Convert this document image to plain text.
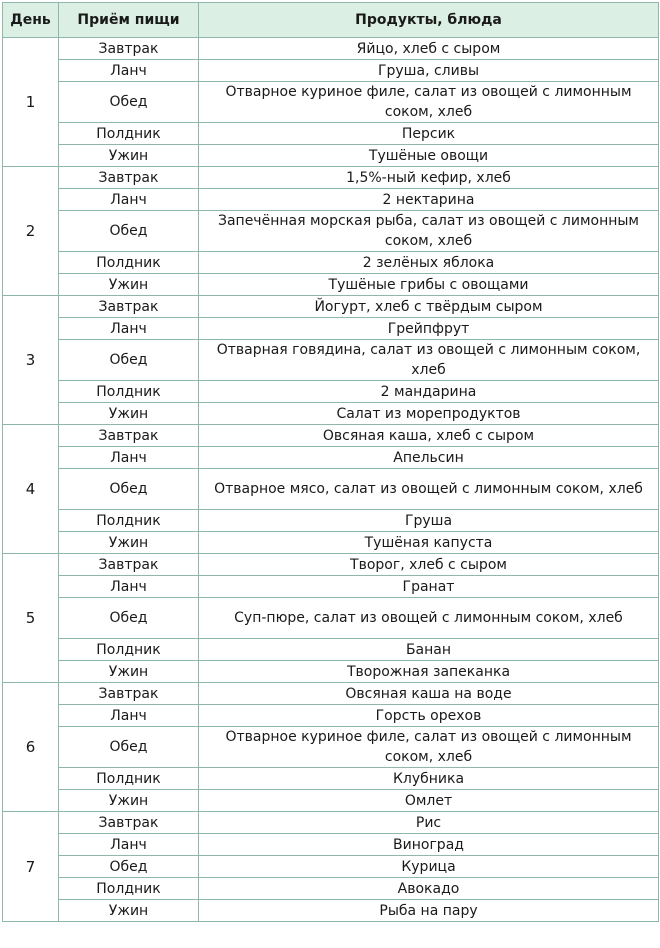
День	Приём пищи	Продукты, блюда
1	Завтрак	Яйцо, хлеб с сыром
	Ланч	Груша, сливы
	Обед	Отварное куриное филе, салат из овощей с лимонным соком, хлеб
	Полдник	Персик
	Ужин	Тушёные овощи
2	Завтрак	1,5%-ный кефир, хлеб
	Ланч	2 нектарина
	Обед	Запечённая морская рыба, салат из овощей с лимонным соком, хлеб
	Полдник	2 зелёных яблока
	Ужин	Тушёные грибы с овощами
3	Завтрак	Йогурт, хлеб с твёрдым сыром
	Ланч	Грейпфрут
	Обед	Отварная говядина, салат из овощей с лимонным соком, хлеб
	Полдник	2 мандарина
	Ужин	Салат из морепродуктов
4	Завтрак	Овсяная каша, хлеб с сыром
	Ланч	Апельсин
	Обед	Отварное мясо, салат из овощей с лимонным соком, хлеб
	Полдник	Груша
	Ужин	Тушёная капуста
5	Завтрак	Творог, хлеб с сыром
	Ланч	Гранат
	Обед	Суп-пюре, салат из овощей с лимонным соком, хлеб
	Полдник	Банан
	Ужин	Творожная запеканка
6	Завтрак	Овсяная каша на воде
	Ланч	Горсть орехов
	Обед	Отварное куриное филе, салат из овощей с лимонным соком, хлеб
	Полдник	Клубника
	Ужин	Омлет
7	Завтрак	Рис
	Ланч	Виноград
	Обед	Курица
	Полдник	Авокадо
	Ужин	Рыба на пару
